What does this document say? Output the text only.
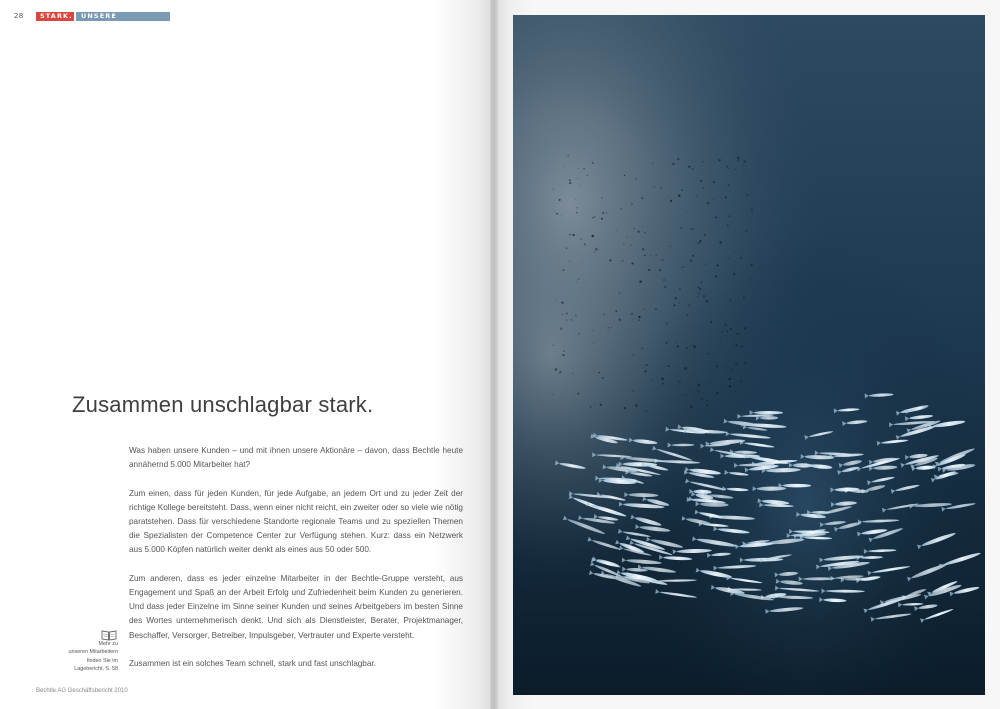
28	STARK.	UNSERE MITARBEITER
Zusammen unschlagbar stark.

Was haben unsere Kunden – und mit ihnen unsere Aktionäre – davon, dass Bechtle heute annähernd 5.000 Mitarbeiter hat?

Zum einen, dass für jeden Kunden, für jede Aufgabe, an jedem Ort und zu jeder Zeit der richtige Kollege bereitsteht. Dass, wenn einer nicht reicht, ein zweiter oder so viele wie nötig paratstehen. Dass für verschiedene Standorte regionale Teams und zu speziellen Themen die Spezialisten der Competence Center zur Verfügung stehen. Kurz: dass ein Netzwerk aus 5.000 Köpfen natürlich weiter denkt als eines aus 50 oder 500.

Zum anderen, dass es jeder einzelne Mitarbeiter in der Bechtle-Gruppe versteht, aus Engagement und Spaß an der Arbeit Erfolg und Zufriedenheit beim Kunden zu generieren. Und dass jeder Einzelne im Sinne seiner Kunden und seines Arbeitgebers im besten Sinne des Wortes unternehmerisch denkt. Und sich als Dienstleister, Berater, Projektmanager, Beschaffer, Versorger, Betreiber, Impulsgeber, Vertrauter und Experte versteht.

Zusammen ist ein solches Team schnell, stark und fast unschlagbar.

Mehr zu
unseren Mitarbeitern
finden Sie im
Lagebericht, S. 58
Bechtle AG Geschäftsbericht 2010
